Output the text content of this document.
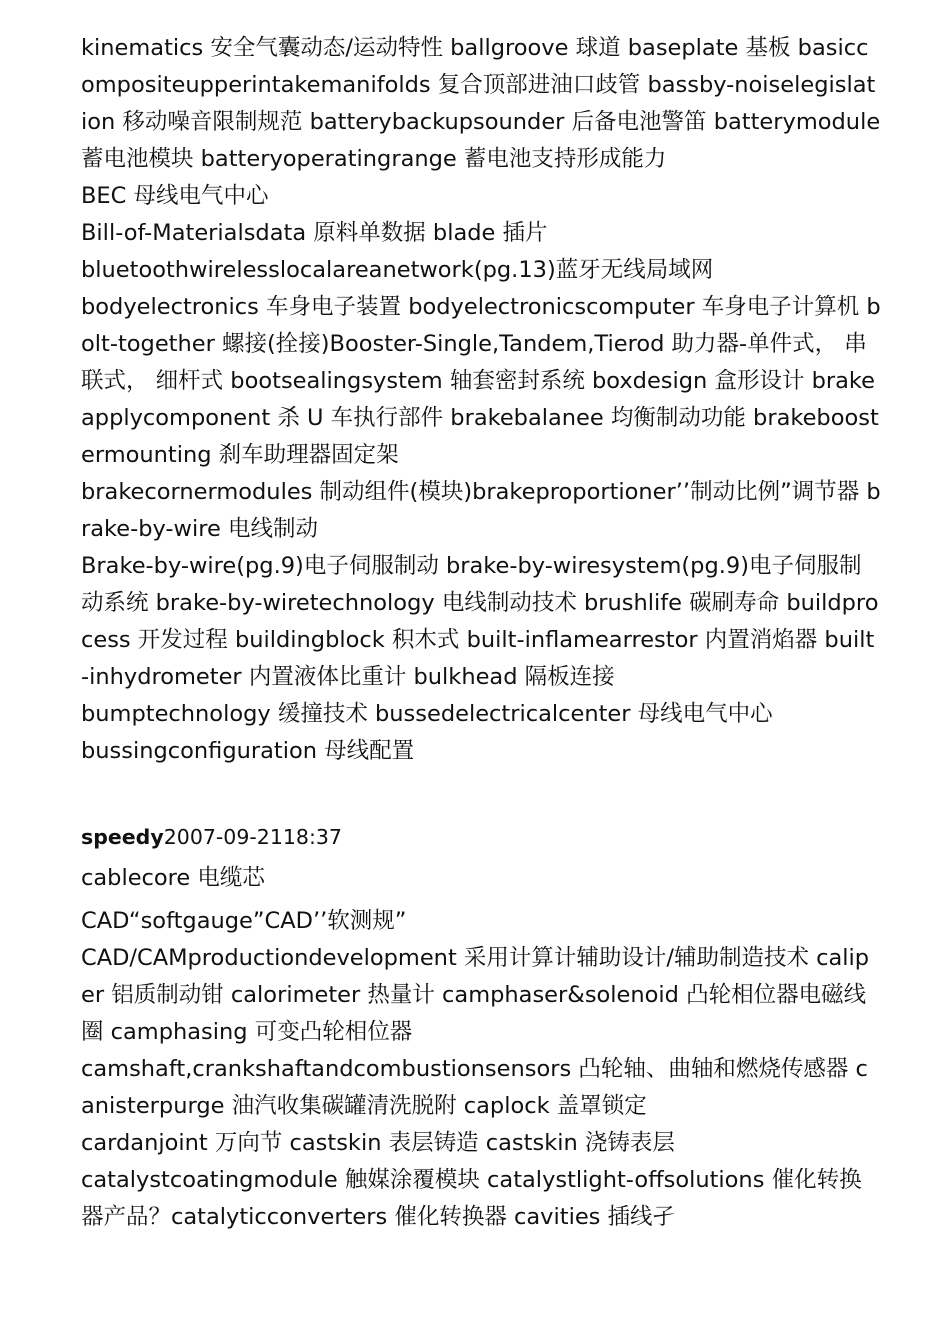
kinematics 安全气囊动态/运动特性 ballgroove 球道 baseplate 基板 basiccompositeupperintakemanifolds 复合顶部进油口歧管 bassby-noiselegislation 移动噪音限制规范 batterybackupsounder 后备电池警笛 batterymodule 蓄电池模块 batteryoperatingrange 蓄电池支持形成能力

BEC 母线电气中心

Bill-of-Materialsdata 原料单数据 blade 插片

bluetoothwirelesslocalareanetwork(pg.13)蓝牙无线局域网

bodyelectronics 车身电子装置 bodyelectronicscomputer 车身电子计算机 bolt-together 螺接(拴接)Booster-Single,Tandem,Tierod 助力器-单件式， 串联式， 细杆式 bootsealingsystem 轴套密封系统 boxdesign 盒形设计 brakeapplycomponent 杀 U 车执行部件 brakebalanee 均衡制动功能 brakeboostermounting 刹车助理器固定架

brakecornermodules 制动组件(模块)brakeproportioner’’制动比例”调节器 brake-by-wire 电线制动

Brake-by-wire(pg.9)电子伺服制动 brake-by-wiresystem(pg.9)电子伺服制动系统 brake-by-wiretechnology 电线制动技术 brushlife 碳刷寿命 buildprocess 开发过程 buildingblock 积木式 built-inflamearrestor 内置消焰器 built-inhydrometer 内置液体比重计 bulkhead 隔板连接

bumptechnology 缓撞技术 bussedelectricalcenter 母线电气中心

bussingconfiguration 母线配置

speedy2007-09-2118:37

cablecore 电缆芯

CAD“softgauge”CAD’’软测规”

CAD/CAMproductiondevelopment 采用计算计辅助设计/辅助制造技术 caliper 铝质制动钳 calorimeter 热量计 camphaser&solenoid 凸轮相位器电磁线圈 camphasing 可变凸轮相位器

camshaft,crankshaftandcombustionsensors 凸轮轴、曲轴和燃烧传感器 canisterpurge 油汽收集碳罐清洗脱附 caplock 盖罩锁定

cardanjoint 万向节 castskin 表层铸造 castskin 浇铸表层

catalystcoatingmodule 触媒涂覆模块 catalystlight-offsolutions 催化转换器产品？catalyticconverters 催化转换器 cavities 插线孑
